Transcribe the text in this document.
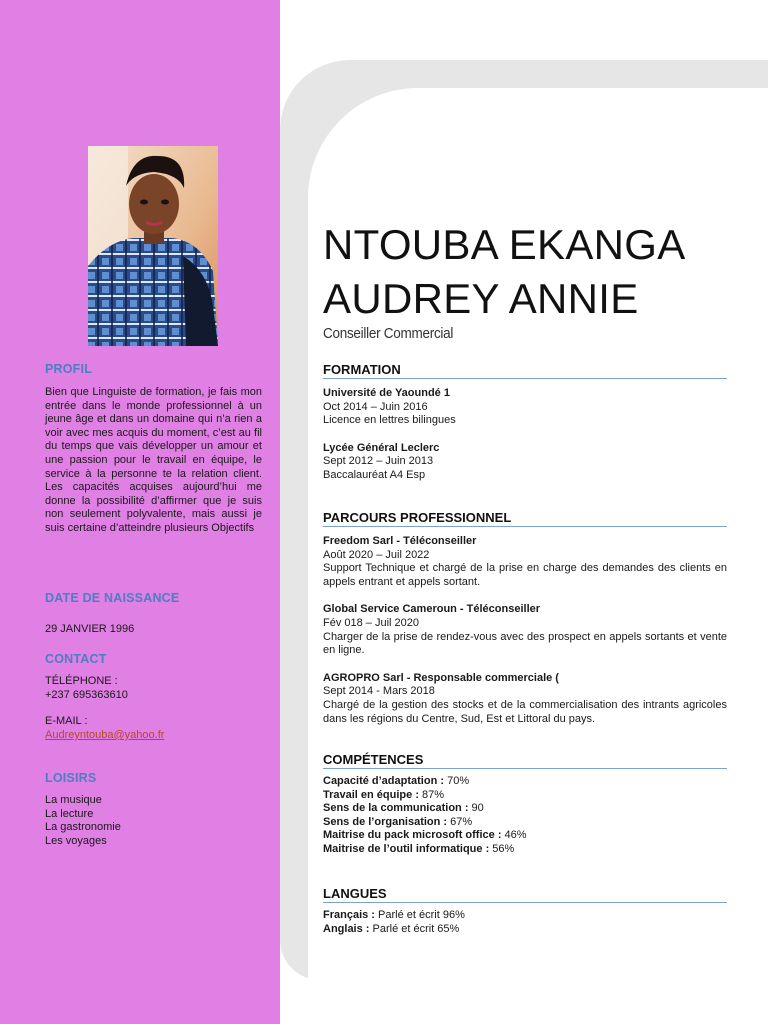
PROFIL

Bien que Linguiste de formation, je fais mon entrée dans le monde professionnel à un jeune âge et dans un domaine qui n’a rien a voir avec mes acquis du moment, c’est au fil du temps que vais développer un amour et une passion pour le travail en équipe, le service à la personne te la relation client. Les capacités acquises aujourd’hui me donne la possibilité d’affirmer que je suis non seulement polyvalente, mais aussi je suis certaine d’atteindre plusieurs Objectifs

DATE DE NAISSANCE

29 JANVIER 1996

CONTACT

TÉLÉPHONE :

+237 695363610

E-MAIL :

Audreyntouba@yahoo.fr

LOISIRS
La musique
La lecture
La gastronomie
Les voyages
NTOUBA EKANGA
AUDREY ANNIE

Conseiller Commercial

FORMATION
Université de Yaoundé 1
Oct 2014 – Juin 2016
Licence en lettres bilingues
Lycée Général Leclerc
Sept 2012 – Juin 2013
Baccalauréat A4 Esp
PARCOURS PROFESSIONNEL
Freedom Sarl - Téléconseiller
Août 2020 – Juil 2022
Support Technique et chargé de la prise en charge des demandes des clients en appels entrant et appels sortant.
Global Service Cameroun - Téléconseiller
Fév 018 – Juil 2020
Charger de la prise de rendez-vous avec des prospect en appels sortants et vente en ligne.
AGROPRO Sarl - Responsable commerciale (
Sept 2014 - Mars 2018
Chargé de la gestion des stocks et de la commercialisation des intrants agricoles dans les régions du Centre, Sud, Est et Littoral du pays.
COMPÉTENCES
Capacité d’adaptation : 70%
Travail en équipe : 87%
Sens de la communication : 90
Sens de l’organisation : 67%
Maitrise du pack microsoft office : 46%
Maitrise de l’outil informatique : 56%
LANGUES
Français : Parlé et écrit 96%
Anglais : Parlé et écrit 65%
